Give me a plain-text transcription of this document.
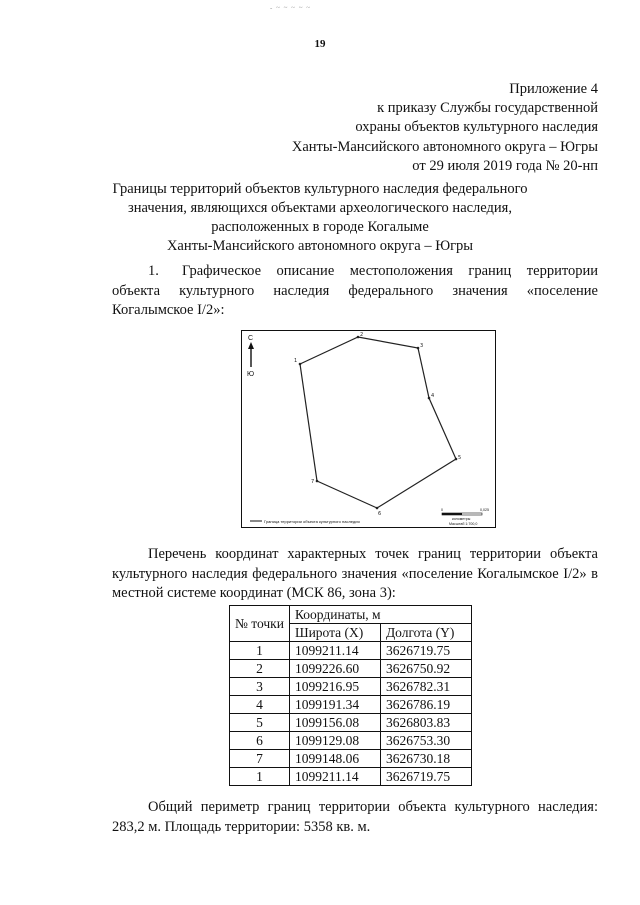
- ~ ~ ~ ~ ~
19
Приложение 4
к приказу Службы государственной
охраны объектов культурного наследия
Ханты-Мансийского автономного округа – Югры
от 29 июля 2019 года № 20-нп
Границы территорий объектов культурного наследия федерального
значения, являющихся объектами археологического наследия,
расположенных в городе Когалыме
Ханты-Мансийского автономного округа – Югры
1. Графическое описание местоположения границ территории объекта культурного наследия федерального значения «поселение Когалымское I/2»:
1
2
3
4
5
6
7
С
Ю
Граница территории объекта культурного наследия
0	0,025
километры
Масштаб 1:700,0
Перечень координат характерных точек границ территории объекта культурного наследия федерального значения «поселение Когалымское I/2» в местной системе координат (МСК 86, зона 3):
№ точки	Координаты, м	
	Широта (X)	Долгота (Y)
1	1099211.14	3626719.75
2	1099226.60	3626750.92
3	1099216.95	3626782.31
4	1099191.34	3626786.19
5	1099156.08	3626803.83
6	1099129.08	3626753.30
7	1099148.06	3626730.18
1	1099211.14	3626719.75
Общий периметр границ территории объекта культурного наследия: 283,2 м. Площадь территории: 5358 кв. м.
